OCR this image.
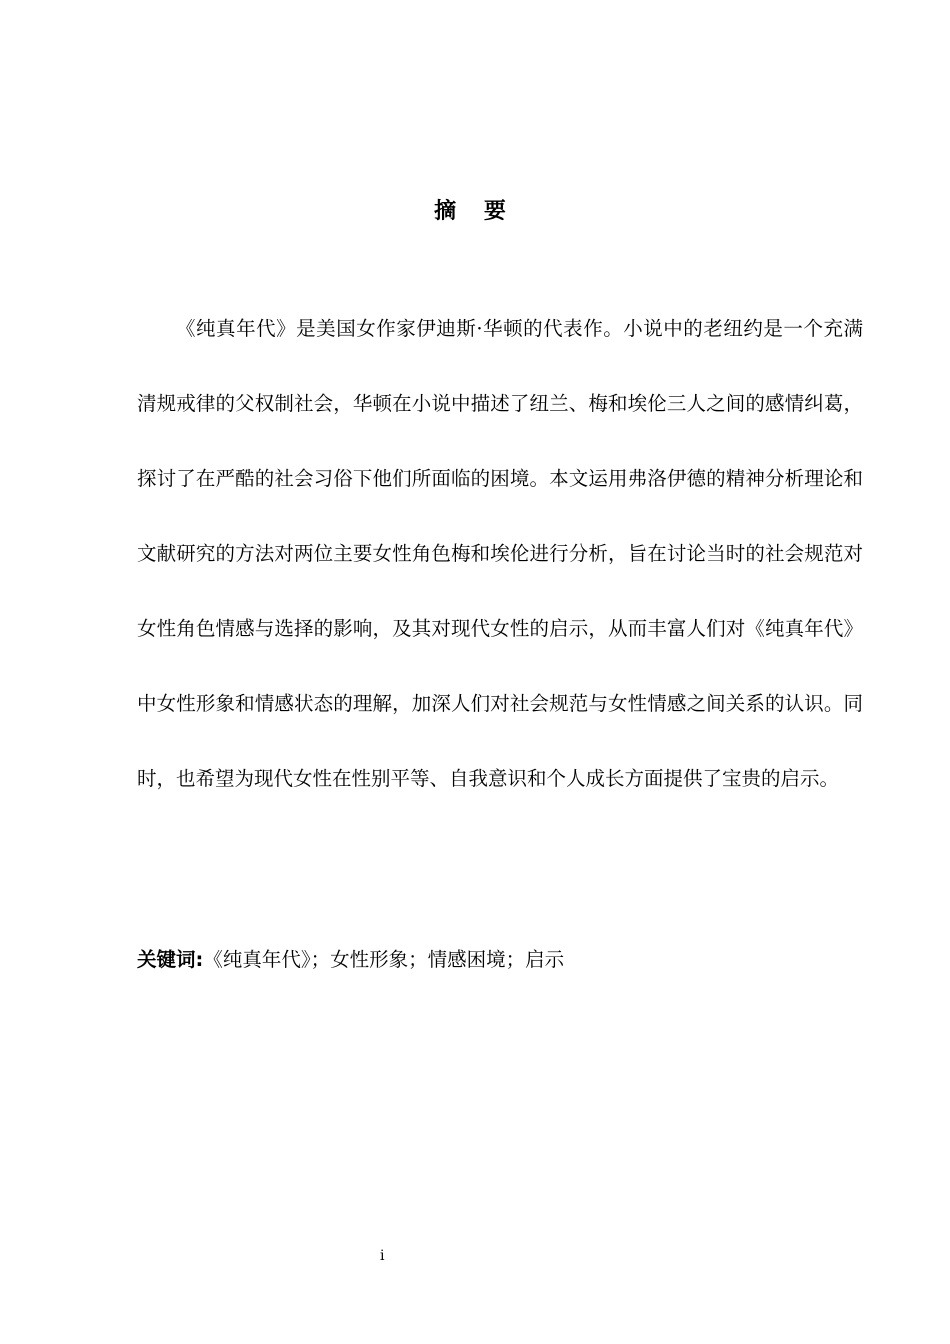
摘 要

《纯真年代》是美国女作家伊迪斯·华顿的代表作。小说中的老纽约是一个充满清规戒律的父权制社会，华顿在小说中描述了纽兰、梅和埃伦三人之间的感情纠葛，探讨了在严酷的社会习俗下他们所面临的困境。本文运用弗洛伊德的精神分析理论和文献研究的方法对两位主要女性角色梅和埃伦进行分析，旨在讨论当时的社会规范对女性角色情感与选择的影响，及其对现代女性的启示，从而丰富人们对《纯真年代》中女性形象和情感状态的理解，加深人们对社会规范与女性情感之间关系的认识。同时，也希望为现代女性在性别平等、自我意识和个人成长方面提供了宝贵的启示。

关键词:《纯真年代》；女性形象；情感困境；启示
i
